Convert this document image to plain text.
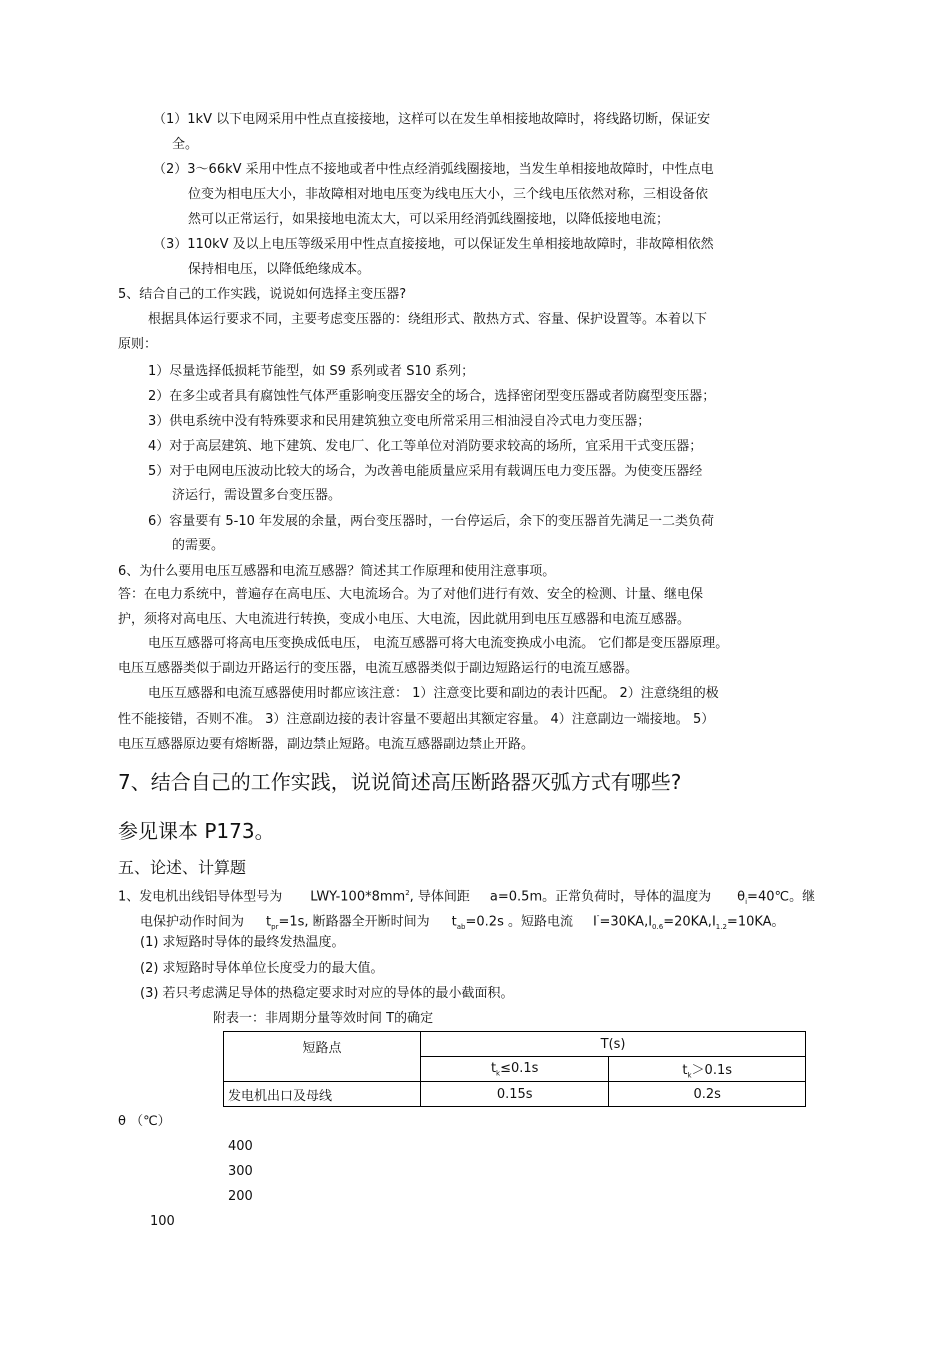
（1）1kV 以下电网采用中性点直接接地，这样可以在发生单相接地故障时，将线路切断，保证安
全。
（2）3～66kV 采用中性点不接地或者中性点经消弧线圈接地，当发生单相接地故障时，中性点电
位变为相电压大小，非故障相对地电压变为线电压大小，三个线电压依然对称，三相设备依
然可以正常运行，如果接地电流太大，可以采用经消弧线圈接地，以降低接地电流；
（3）110kV 及以上电压等级采用中性点直接接地，可以保证发生单相接地故障时，非故障相依然
保持相电压，以降低绝缘成本。
5、结合自己的工作实践，说说如何选择主变压器?
根据具体运行要求不同，主要考虑变压器的：绕组形式、散热方式、容量、保护设置等。本着以下
原则：
1）尽量选择低损耗节能型，如 S9 系列或者 S10 系列；
2）在多尘或者具有腐蚀性气体严重影响变压器安全的场合，选择密闭型变压器或者防腐型变压器；
3）供电系统中没有特殊要求和民用建筑独立变电所常采用三相油浸自冷式电力变压器；
4）对于高层建筑、地下建筑、发电厂、化工等单位对消防要求较高的场所，宜采用干式变压器；
5）对于电网电压波动比较大的场合，为改善电能质量应采用有载调压电力变压器。为使变压器经
济运行，需设置多台变压器。
6）容量要有 5-10 年发展的余量，两台变压器时，一台停运后，余下的变压器首先满足一二类负荷
的需要。
6、为什么要用电压互感器和电流互感器？简述其工作原理和使用注意事项。
答：在电力系统中，普遍存在高电压、大电流场合。为了对他们进行有效、安全的检测、计量、继电保
护，须将对高电压、大电流进行转换，变成小电压、大电流，因此就用到电压互感器和电流互感器。
电压互感器可将高电压变换成低电压， 电流互感器可将大电流变换成小电流。 它们都是变压器原理。
电压互感器类似于副边开路运行的变压器，电流互感器类似于副边短路运行的电流互感器。
电压互感器和电流互感器使用时都应该注意： 1）注意变比要和副边的表计匹配。 2）注意绕组的极
性不能接错，否则不准。 3）注意副边接的表计容量不要超出其额定容量。 4）注意副边一端接地。 5）
电压互感器原边要有熔断器，副边禁止短路。电流互感器副边禁止开路。
7、结合自己的工作实践，说说简述高压断路器灭弧方式有哪些?
参见课本 P173。
五、论述、计算题
1、发电机出线铝导体型号为 LWY-$100*8mm^2$, 导体间距 a=0.5m。正常负荷时，导体的温度为 $\theta_i=40℃$。继
电保护动作时间为 $t_{pr}=1s$, 断路器全开断时间为 $t_{ab}=0.2s$ 。短路电流 $I''=30KA,I_{0.6}=20KA,I_{1.2}=10KA$。
(1) 求短路时导体的最终发热温度。
(2) 求短路时导体单位长度受力的最大值。
(3) 若只考虑满足导体的热稳定要求时对应的导体的最小截面积。
附表一：非周期分量等效时间 T的确定
短路点	T(s)	
	$t_k\le 0.1s$	$t_k>0.1s$
发电机出口及母线	0.15s	0.2s
θ （℃）
400
300
200
100
